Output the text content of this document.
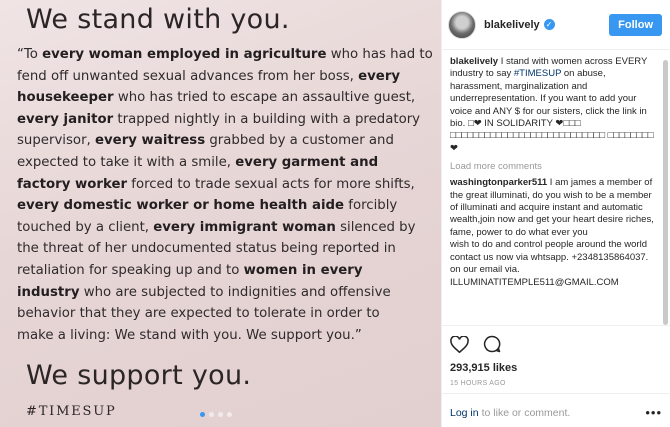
We stand with you.
“To every woman employed in agriculture who has had to
fend off unwanted sexual advances from her boss, every
housekeeper who has tried to escape an assaultive guest,
every janitor trapped nightly in a building with a predatory
supervisor, every waitress grabbed by a customer and
expected to take it with a smile, every garment and
factory worker forced to trade sexual acts for more shifts,
every domestic worker or home health aide forcibly
touched by a client, every immigrant woman silenced by
the threat of her undocumented status being reported in
retaliation for speaking up and to women in every
industry who are subjected to indignities and offensive
behavior that they are expected to tolerate in order to
make a living: We stand with you. We support you.”
We support you.

#TIMESUP

blakelively ✓	Follow
blakelively I stand with women across EVERY industry to say #TIMESUP on abuse, harassment, marginalization and underrepresentation. If you want to add your voice and ANY $ for our sisters, click the link in bio. □❤ IN SOLIDARITY ❤□□□ □□□□□□□□□□□□□□□□□□□□□□□□□□□ □□□□□□□□❤
Load more comments
washingtonparker511 I am james a member of the great illuminati, do you wish to be a member of illuminati and acquire instant and automatic wealth,join now and get your heart desire riches, fame, power to do what ever you
wish to do and control people around the world contact us now via whtsapp. +2348135864037. on our email via. ILLUMINATITEMPLE511@GMAIL.COM
293,915 likes
15 HOURS AGO
Log in to like or comment.	•••
